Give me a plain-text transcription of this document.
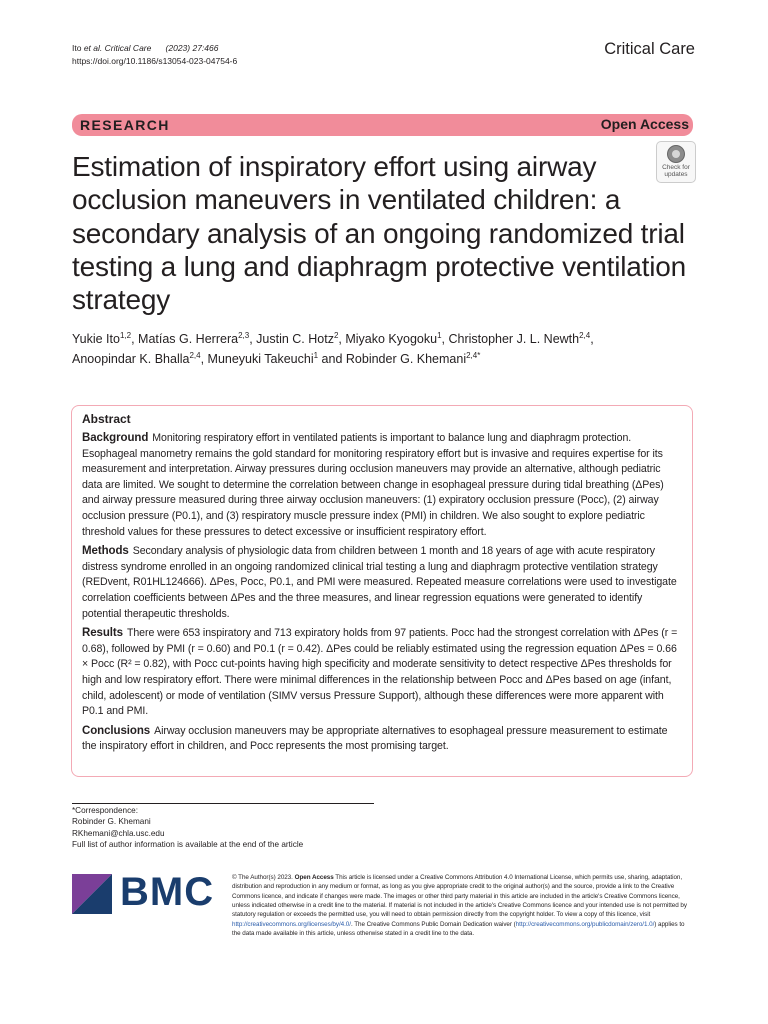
Ito et al. Critical Care (2023) 27:466
https://doi.org/10.1186/s13054-023-04754-6
Critical Care
RESEARCH	Open Access
Check for
updates
Estimation of inspiratory effort using airway occlusion maneuvers in ventilated children: a secondary analysis of an ongoing randomized trial testing a lung and diaphragm protective ventilation strategy
Yukie Ito$^{1,2}$, Matías G. Herrera$^{2,3}$, Justin C. Hotz$^2$, Miyako Kyogoku$^1$, Christopher J. L. Newth$^{2,4}$,
Anoopindar K. Bhalla$^{2,4}$, Muneyuki Takeuchi$^1$ and Robinder G. Khemani$^{2,4*}$
Abstract

Background Monitoring respiratory effort in ventilated patients is important to balance lung and diaphragm protection. Esophageal manometry remains the gold standard for monitoring respiratory effort but is invasive and requires expertise for its measurement and interpretation. Airway pressures during occlusion maneuvers may provide an alternative, although pediatric data are limited. We sought to determine the correlation between change in esophageal pressure during tidal breathing (ΔPes) and airway pressure measured during three airway occlusion maneuvers: (1) expiratory occlusion pressure (Pocc), (2) airway occlusion pressure (P0.1), and (3) respiratory muscle pressure index (PMI) in children. We also sought to explore pediatric threshold values for these pressures to detect excessive or insufficient respiratory effort.

Methods Secondary analysis of physiologic data from children between 1 month and 18 years of age with acute respiratory distress syndrome enrolled in an ongoing randomized clinical trial testing a lung and diaphragm protective ventilation strategy (REDvent, R01HL124666). ΔPes, Pocc, P0.1, and PMI were measured. Repeated measure correlations were used to investigate correlation coefficients between ΔPes and the three measures, and linear regression equations were generated to identify potential therapeutic thresholds.

Results There were 653 inspiratory and 713 expiratory holds from 97 patients. Pocc had the strongest correlation with ΔPes (r = 0.68), followed by PMI (r = 0.60) and P0.1 (r = 0.42). ΔPes could be reliably estimated using the regression equation ΔPes = 0.66 × Pocc (R² = 0.82), with Pocc cut-points having high specificity and moderate sensitivity to detect respective ΔPes thresholds for high and low respiratory effort. There were minimal differences in the relationship between Pocc and ΔPes based on age (infant, child, adolescent) or mode of ventilation (SIMV versus Pressure Support), although these differences were more apparent with P0.1 and PMI.

Conclusions Airway occlusion maneuvers may be appropriate alternatives to esophageal pressure measurement to estimate the inspiratory effort in children, and Pocc represents the most promising target.

*Correspondence:
Robinder G. Khemani
RKhemani@chla.usc.edu
Full list of author information is available at the end of the article
BMC	© The Author(s) 2023. Open Access This article is licensed under a Creative Commons Attribution 4.0 International License, which permits use, sharing, adaptation, distribution and reproduction in any medium or format, as long as you give appropriate credit to the original author(s) and the source, provide a link to the Creative Commons licence, and indicate if changes were made. The images or other third party material in this article are included in the article's Creative Commons licence, unless indicated otherwise in a credit line to the material. If material is not included in the article's Creative Commons licence and your intended use is not permitted by statutory regulation or exceeds the permitted use, you will need to obtain permission directly from the copyright holder. To view a copy of this licence, visit http://creativecommons.org/licenses/by/4.0/. The Creative Commons Public Domain Dedication waiver (http://creativecommons.org/publicdomain/zero/1.0/) applies to the data made available in this article, unless otherwise stated in a credit line to the data.
